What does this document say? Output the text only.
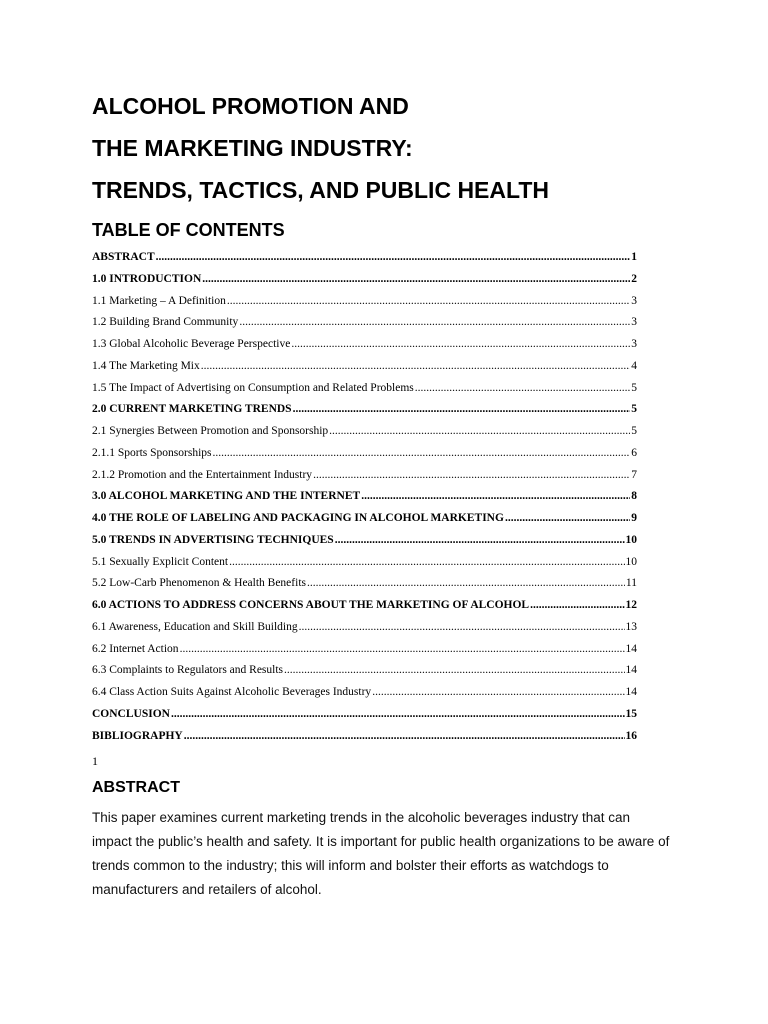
ALCOHOL PROMOTION AND
THE MARKETING INDUSTRY:
TRENDS, TACTICS, AND PUBLIC HEALTH
TABLE OF CONTENTS
ABSTRACT .....	1
1.0 INTRODUCTION .....	2
1.1 Marketing – A Definition .....	3
1.2 Building Brand Community .....	3
1.3 Global Alcoholic Beverage Perspective .....	3
1.4 The Marketing Mix .....	4
1.5 The Impact of Advertising on Consumption and Related Problems .....	5
2.0 CURRENT MARKETING TRENDS .....	5
2.1 Synergies Between Promotion and Sponsorship .....	5
2.1.1 Sports Sponsorships .....	6
2.1.2 Promotion and the Entertainment Industry .....	7
3.0 ALCOHOL MARKETING AND THE INTERNET .....	8
4.0 THE ROLE OF LABELING AND PACKAGING IN ALCOHOL MARKETING .....	9
5.0 TRENDS IN ADVERTISING TECHNIQUES .....	10
5.1 Sexually Explicit Content .....	10
5.2 Low-Carb Phenomenon & Health Benefits .....	11
6.0 ACTIONS TO ADDRESS CONCERNS ABOUT THE MARKETING OF ALCOHOL .....	12
6.1 Awareness, Education and Skill Building .....	13
6.2 Internet Action .....	14
6.3 Complaints to Regulators and Results .....	14
6.4 Class Action Suits Against Alcoholic Beverages Industry .....	14
CONCLUSION .....	15
BIBLIOGRAPHY .....	16
1
ABSTRACT
This paper examines current marketing trends in the alcoholic beverages industry that can impact the public’s health and safety. It is important for public health organizations to be aware of trends common to the industry; this will inform and bolster their efforts as watchdogs to manufacturers and retailers of alcohol.
